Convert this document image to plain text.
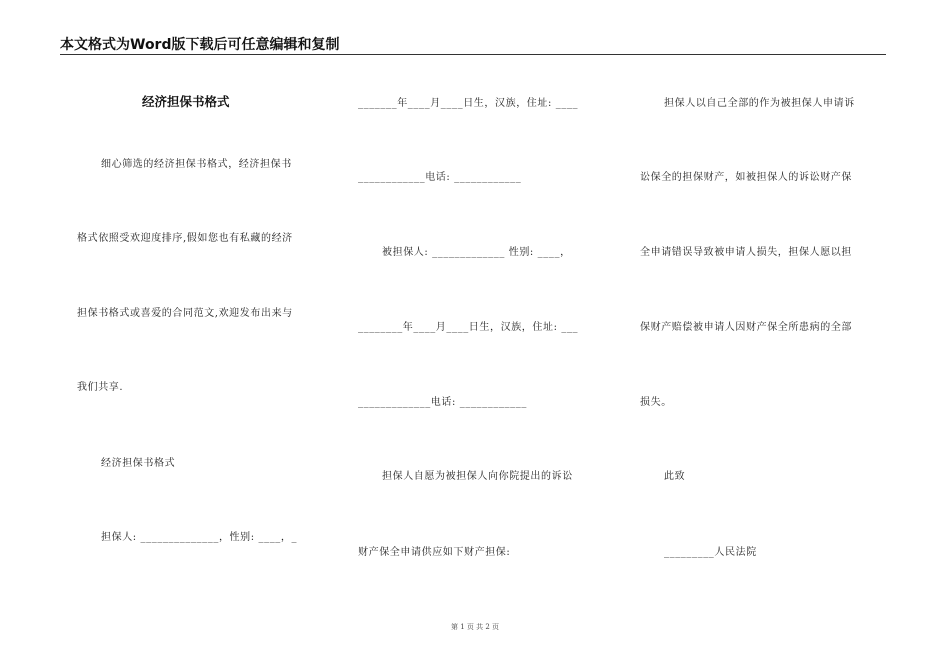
本文格式为Word版下载后可任意编辑和复制
经济担保书格式
细心筛选的经济担保书格式，经济担保书
格式依照受欢迎度排序,假如您也有私藏的经济
担保书格式或喜爱的合同范文,欢迎发布出来与
我们共享.
经济担保书格式
担保人: ______________，性别: ____，_
_______年____月____日生，汉族，住址: ____
____________电话: ____________
被担保人: _____________ 性别: ____，
________年____月____日生，汉族，住址: ___
_____________电话: ____________
担保人自愿为被担保人向你院提出的诉讼
财产保全申请供应如下财产担保:
担保人以自己全部的作为被担保人申请诉
讼保全的担保财产，如被担保人的诉讼财产保
全申请错误导致被申请人损失，担保人愿以担
保财产赔偿被申请人因财产保全所患病的全部
损失。
此致
_________人民法院
第 1 页 共 2 页
